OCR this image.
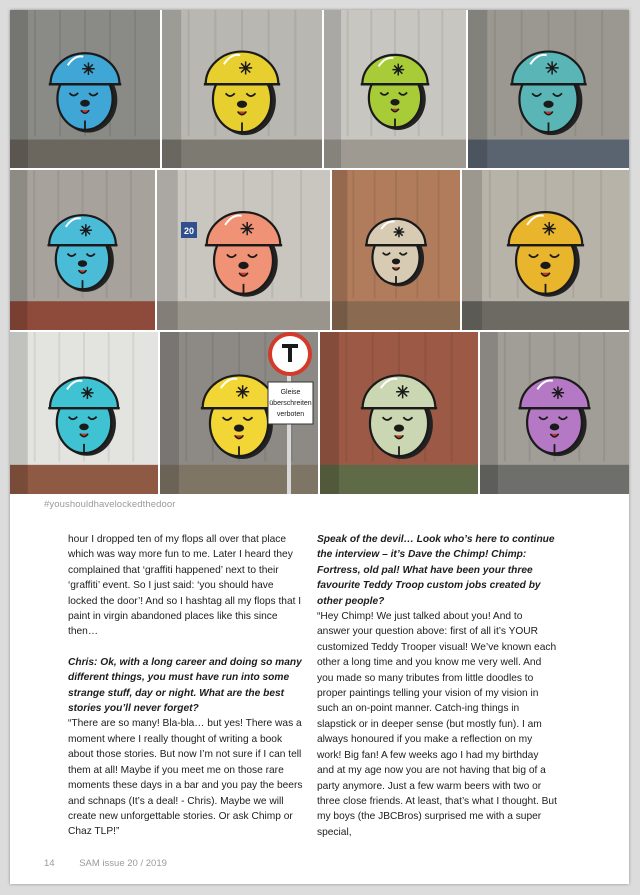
20
Gleise
überschreiten
verboten
#youshouldhavelockedthedoor

hour I dropped ten of my flops all over that place which was way more fun to me. Later I heard they complained that ‘graffiti happened’ next to their ‘graffiti’ event. So I just said: ‘you should have locked the door’! And so I hashtag all my flops that I paint in virgin abandoned places like this since then…

Chris: Ok, with a long career and doing so many different things, you must have run into some strange stuff, day or night. What are the best stories you’ll never forget?

“There are so many! Bla-bla… but yes! There was a moment where I really thought of writing a book about those stories. But now I’m not sure if I can tell them at all! Maybe if you meet me on those rare moments these days in a bar and you pay the beers and schnaps (It’s a deal! - Chris). Maybe we will create new unforgettable stories. Or ask Chimp or Chaz TLP!”

Speak of the devil… Look who’s here to continue the interview – it’s Dave the Chimp! Chimp: Fortress, old pal! What have been your three favourite Teddy Troop custom jobs created by other people?

“Hey Chimp! We just talked about you! And to answer your question above: first of all it’s YOUR customized Teddy Trooper visual! We’ve known each other a long time and you know me very well. And you made so many tributes from little doodles to proper paintings telling your vision of my vision in such an on-point manner. Catch-ing things in slapstick or in deeper sense (but mostly fun). I am always honoured if you make a reflection on my work! Big fan! A few weeks ago I had my birthday and at my age now you are not having that big of a party anymore. Just a few warm beers with two or three close friends. At least, that’s what I thought. But my boys (the JBCBros) surprised me with a super special,

14	SAM issue 20 / 2019
